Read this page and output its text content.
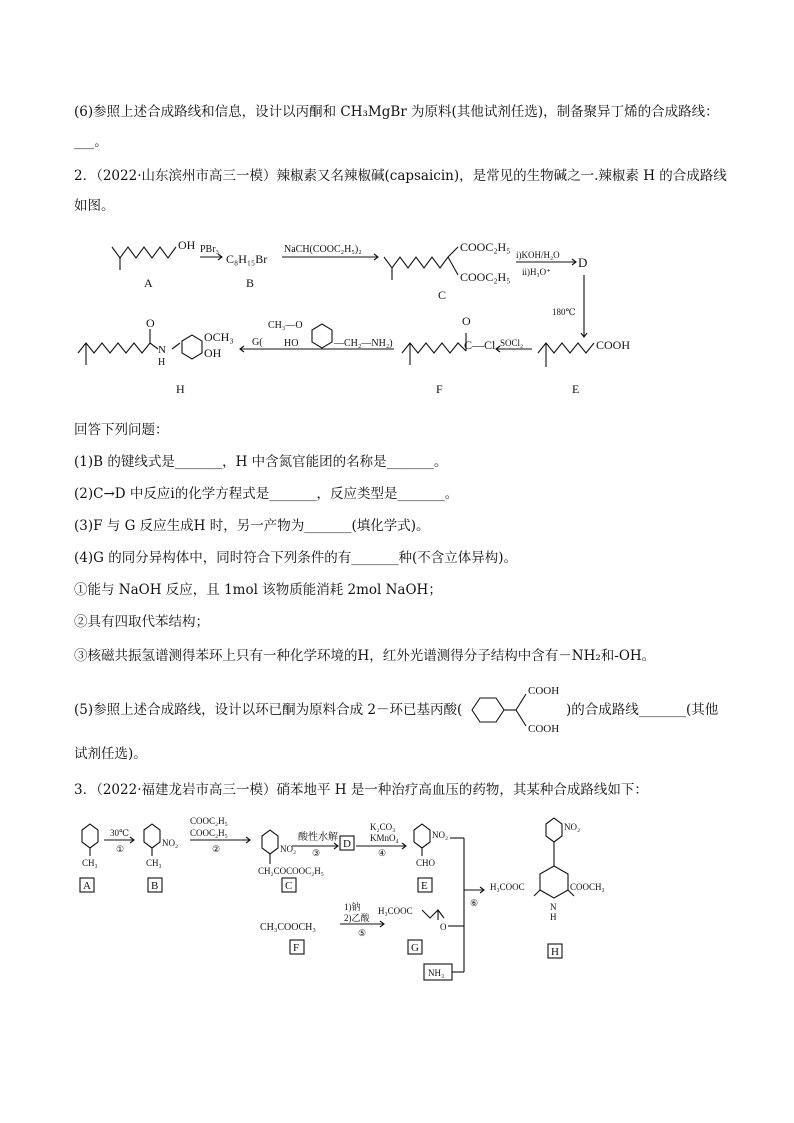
(6)参照上述合成路线和信息，设计以丙酮和 CH₃MgBr 为原料(其他试剂任选)，制备聚异丁烯的合成路线：
___。
2．（2022·山东滨州市高三一模）辣椒素又名辣椒碱(capsaicin)，是常见的生物碱之一.辣椒素 H 的合成路线
如图。
OH
A
PBr₃
C₈H₁₅Br
B
NaCH(COOC₂H₅)₂	COOC₂H₅
COOC₂H₅
C
i)KOH/H₂O
ii)H₃O⁺
D
180℃
COOH
E
SOCl₂
O
C—Cl
F
G(
CH₃—O
HO	—CH₂—NH₂)
O
N
H
OCH₃
OH
H
回答下列问题：
(1)B 的键线式是_______，H 中含氮官能团的名称是_______。
(2)C→D 中反应ⅰ的化学方程式是_______，反应类型是_______。
(3)F 与 G 反应生成H 时，另一产物为_______(填化学式)。
(4)G 的同分异构体中，同时符合下列条件的有_______种(不含立体异构)。
①能与 NaOH 反应，且 1mol 该物质能消耗 2mol NaOH；
②具有四取代苯结构；
③核磁共振氢谱测得苯环上只有一种化学环境的H，红外光谱测得分子结构中含有－NH₂和-OH。
(5)参照上述合成路线，设计以环已酮为原料合成 2－环已基丙酸(
COOH
COOH
)的合成路线_______(其他
试剂任选)。
3．（2022·福建龙岩市高三一模）硝苯地平 H 是一种治疗高血压的药物，其某种合成路线如下：
CH₃
A
30℃
①
NO₂
CH₃
B
COOC₂H₅
COOC₂H₅
②	NO₂
CH₂COCOOC₂H₅
C
酸性水解
③
D
K₂CO₃
KMnO₄
④
NO₂
CHO
E
CH₃COOCH₃
F
1)钠
2)乙酸
⑤
H₃COOC
O
G
NH₃
⑥
NO₂
H₃COOC	COOCH₃
N
H
H
